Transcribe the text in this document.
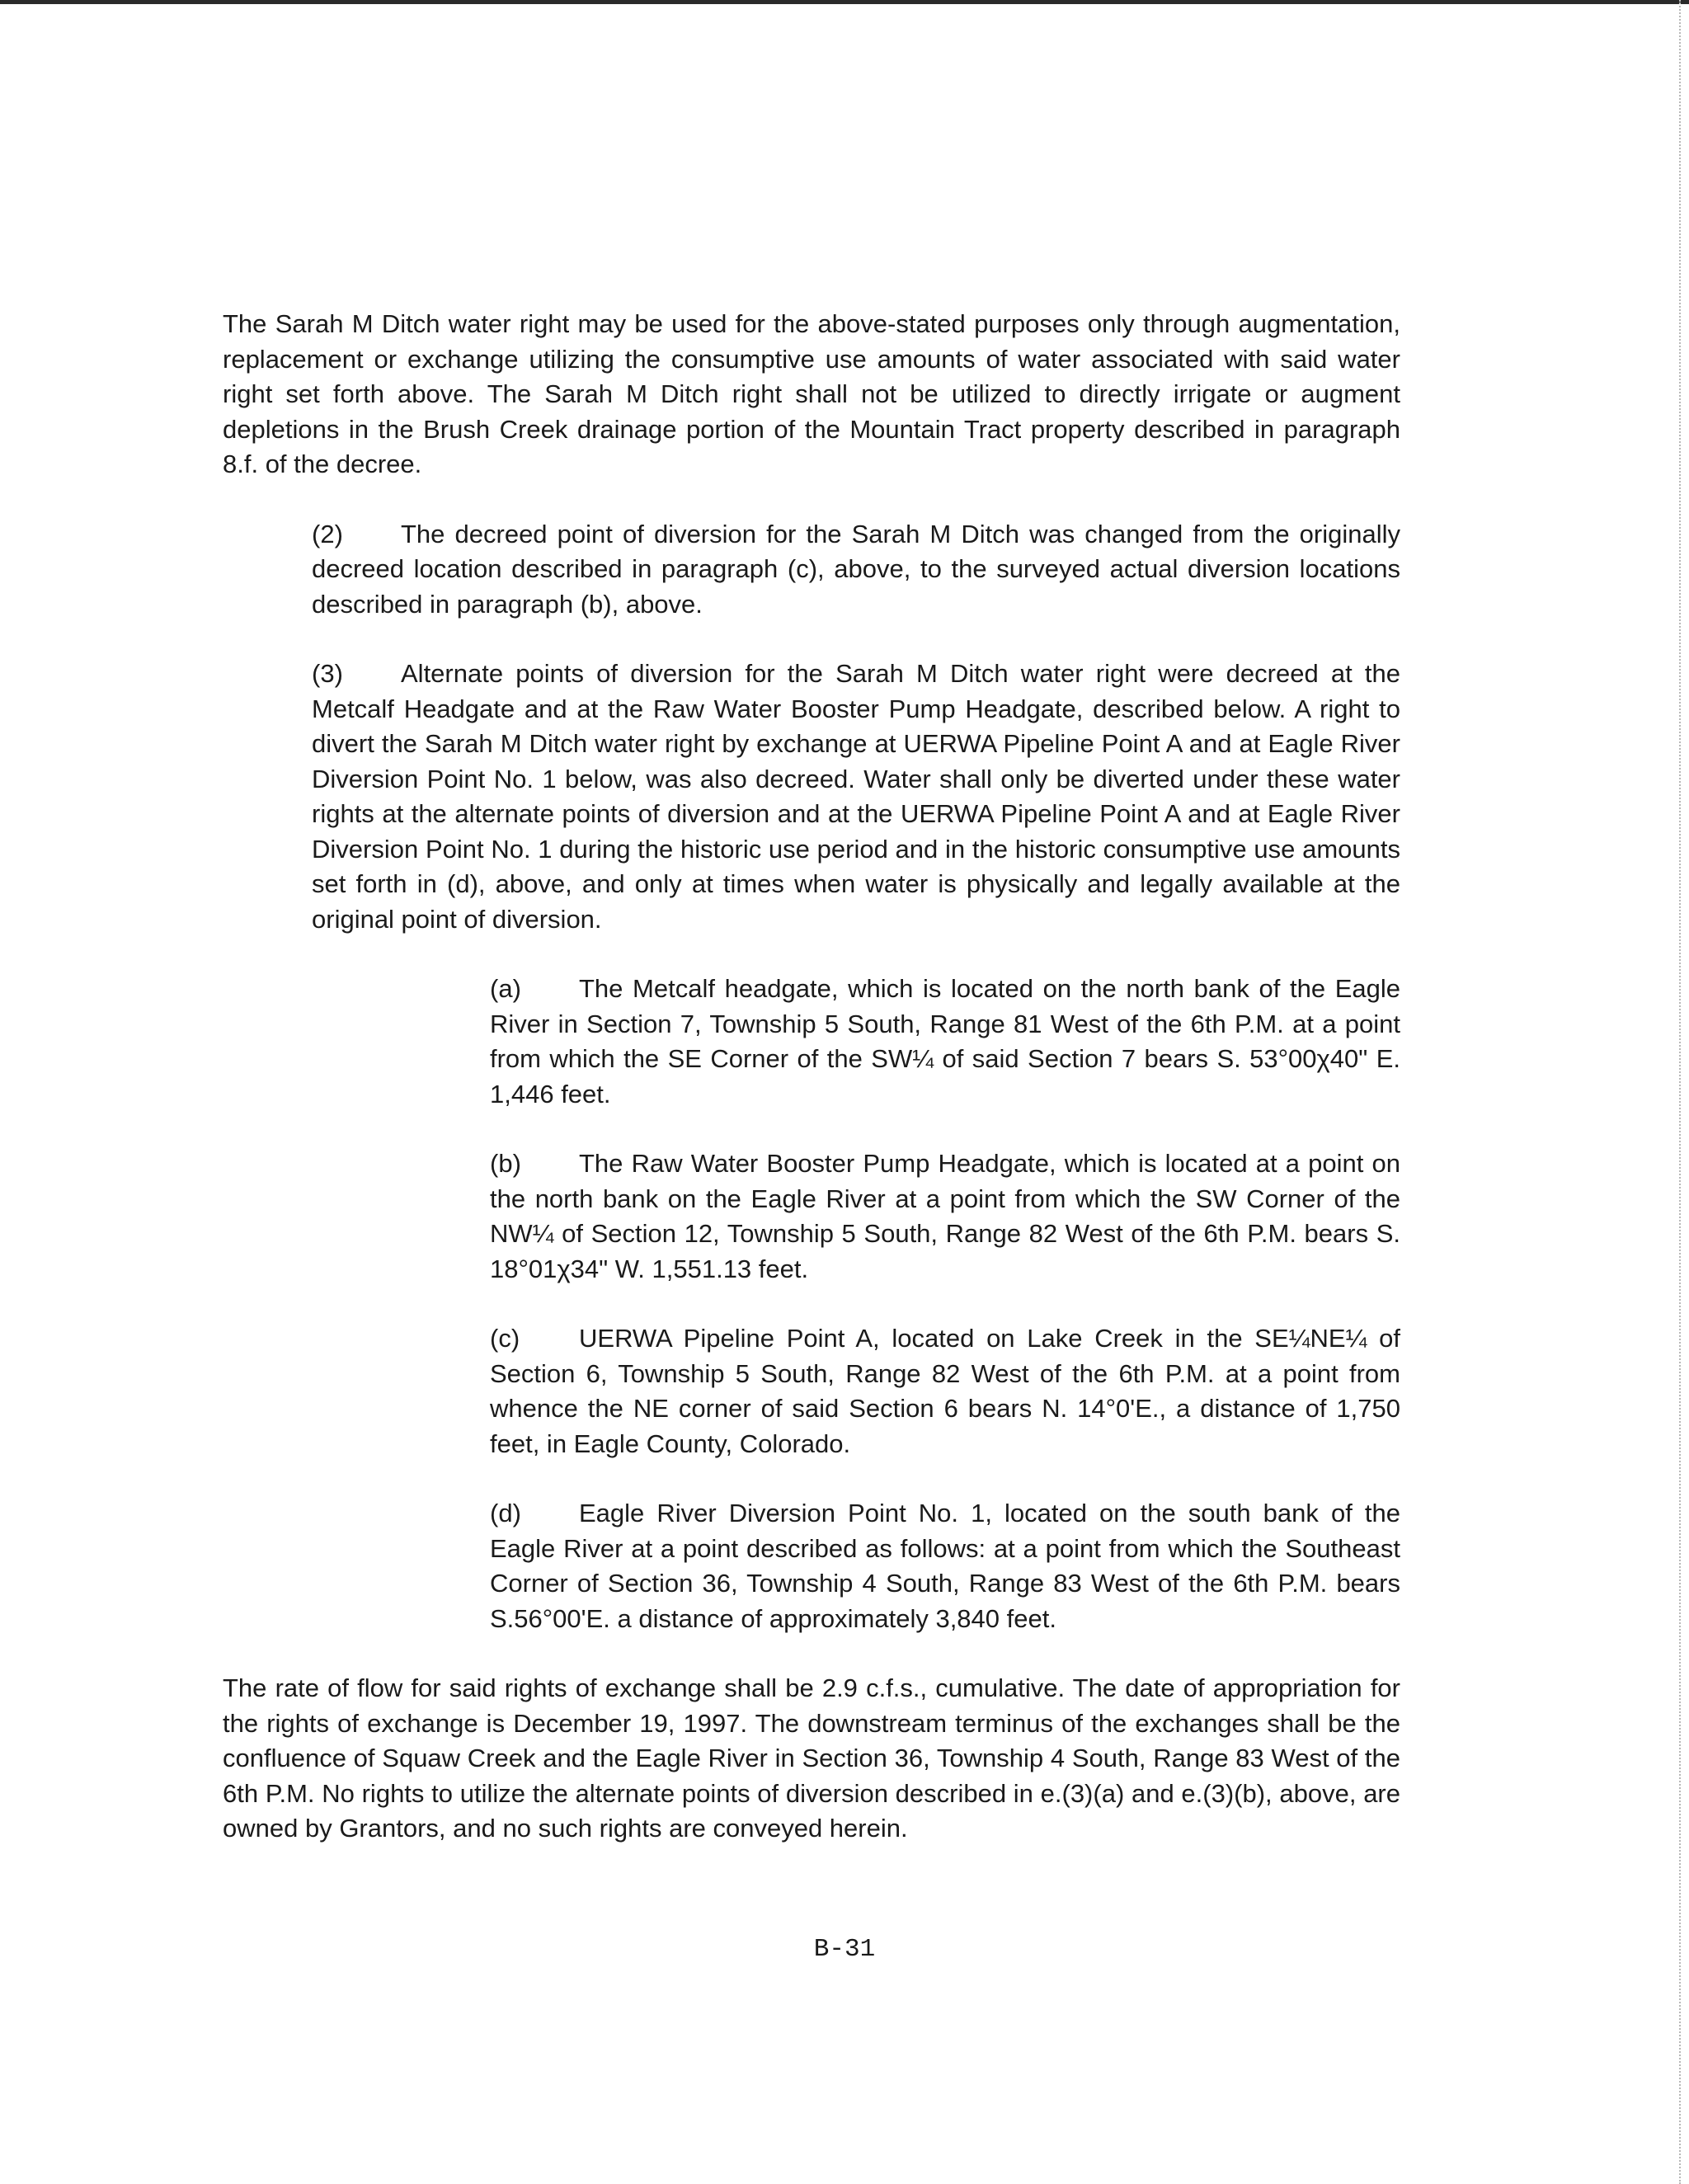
The Sarah M Ditch water right may be used for the above-stated purposes only through augmentation, replacement or exchange utilizing the consumptive use amounts of water associated with said water right set forth above. The Sarah M Ditch right shall not be utilized to directly irrigate or augment depletions in the Brush Creek drainage portion of the Mountain Tract property described in paragraph 8.f. of the decree.

(2) The decreed point of diversion for the Sarah M Ditch was changed from the originally decreed location described in paragraph (c), above, to the surveyed actual diversion locations described in paragraph (b), above.

(3) Alternate points of diversion for the Sarah M Ditch water right were decreed at the Metcalf Headgate and at the Raw Water Booster Pump Headgate, described below. A right to divert the Sarah M Ditch water right by exchange at UERWA Pipeline Point A and at Eagle River Diversion Point No. 1 below, was also decreed. Water shall only be diverted under these water rights at the alternate points of diversion and at the UERWA Pipeline Point A and at Eagle River Diversion Point No. 1 during the historic use period and in the historic consumptive use amounts set forth in (d), above, and only at times when water is physically and legally available at the original point of diversion.

(a) The Metcalf headgate, which is located on the north bank of the Eagle River in Section 7, Township 5 South, Range 81 West of the 6th P.M. at a point from which the SE Corner of the SW¼ of said Section 7 bears S. 53°00χ40" E. 1,446 feet.
(b) The Raw Water Booster Pump Headgate, which is located at a point on the north bank on the Eagle River at a point from which the SW Corner of the NW¼ of Section 12, Township 5 South, Range 82 West of the 6th P.M. bears S. 18°01χ34" W. 1,551.13 feet.
(c) UERWA Pipeline Point A, located on Lake Creek in the SE¼NE¼ of Section 6, Township 5 South, Range 82 West of the 6th P.M. at a point from whence the NE corner of said Section 6 bears N. 14°0'E., a distance of 1,750 feet, in Eagle County, Colorado.
(d) Eagle River Diversion Point No. 1, located on the south bank of the Eagle River at a point described as follows: at a point from which the Southeast Corner of Section 36, Township 4 South, Range 83 West of the 6th P.M. bears S.56°00'E. a distance of approximately 3,840 feet.

The rate of flow for said rights of exchange shall be 2.9 c.f.s., cumulative. The date of appropriation for the rights of exchange is December 19, 1997. The downstream terminus of the exchanges shall be the confluence of Squaw Creek and the Eagle River in Section 36, Township 4 South, Range 83 West of the 6th P.M. No rights to utilize the alternate points of diversion described in e.(3)(a) and e.(3)(b), above, are owned by Grantors, and no such rights are conveyed herein.

B-31
